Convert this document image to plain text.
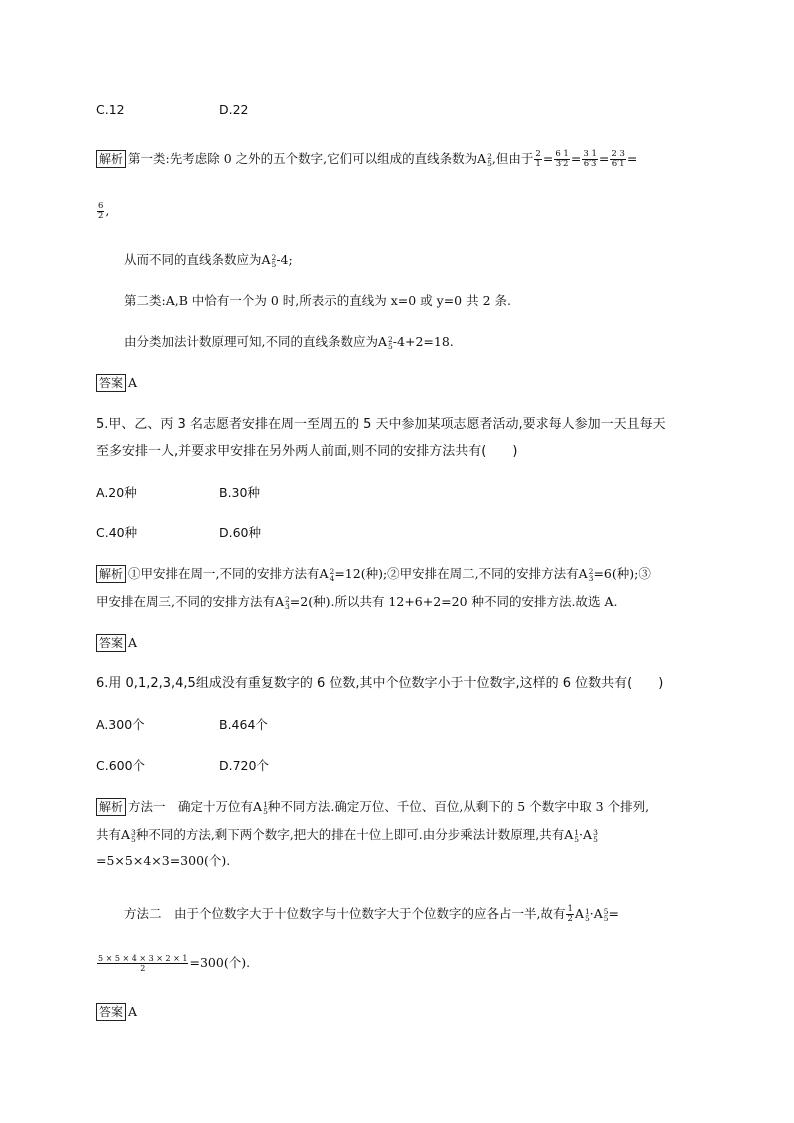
C.12	D.22
解析 第一类:先考虑除 0 之外的五个数字,它们可以组成的直线条数为A 2
5 ,但由于 $\frac{2}{1} = \frac{6 1}{3'2} = \frac{3 1}{6'3} = \frac{2 3}{6'1}$ =
$\frac{6}{2}$ ,
从而不同的直线条数应为A 2
5 -4;
第二类:A,B 中恰有一个为 0 时,所表示的直线为 x=0 或 y=0 共 2 条.
由分类加法计数原理可知,不同的直线条数应为A 2
5 -4+2=18.
答案 A
5.甲、乙、丙 3 名志愿者安排在周一至周五的 5 天中参加某项志愿者活动,要求每人参加一天且每天
至多安排一人,并要求甲安排在另外两人前面,则不同的安排方法共有(　　)
A.20种	B.30种
C.40种	D.60种
解析 ①甲安排在周一,不同的安排方法有A 2
4 =12(种);②甲安排在周二,不同的安排方法有A 2
3 =6(种);③
甲安排在周三,不同的安排方法有A 2
3 =2(种).所以共有 12+6+2=20 种不同的安排方法.故选 A.
答案 A
6.用 0,1,2,3,4,5组成没有重复数字的 6 位数,其中个位数字小于十位数字,这样的 6 位数共有(　　)
A.300个	B.464个
C.600个	D.720个
解析 方法一　确定十万位有A 1
5 种不同方法.确定万位、千位、百位,从剩下的 5 个数字中取 3 个排列,
共有A 3
5 种不同的方法,剩下两个数字,把大的排在十位上即可.由分步乘法计数原理,共有A 1
5 ·A 3
5
=5×5×4×3=300(个).
方法二　由于个位数字大于十位数字与十位数字大于个位数字的应各占一半,故有 $\frac{1}{2}$ A 1
5 ·A 5
5 =
$\frac{5 \times 5 \times 4 \times 3 \times 2 \times 1}{2} =300$(个).
答案 A
